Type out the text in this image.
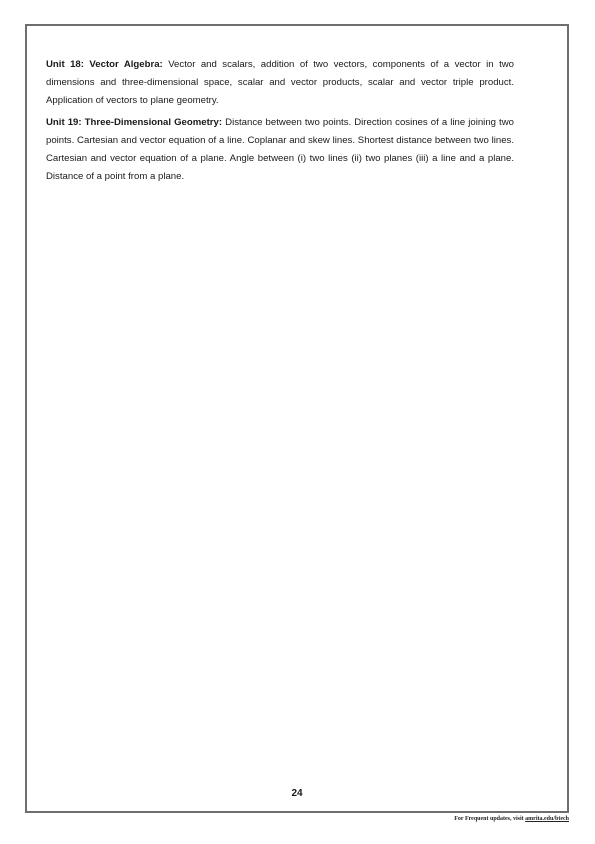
Unit 18: Vector Algebra: Vector and scalars, addition of two vectors, components of a vector in two dimensions and three-dimensional space, scalar and vector products, scalar and vector triple product. Application of vectors to plane geometry.

Unit 19: Three-Dimensional Geometry: Distance between two points. Direction cosines of a line joining two points. Cartesian and vector equation of a line. Coplanar and skew lines. Shortest distance between two lines. Cartesian and vector equation of a plane. Angle between (i) two lines (ii) two planes (iii) a line and a plane. Distance of a point from a plane.

24
For Frequent updates, visit amrita.edu/btech
